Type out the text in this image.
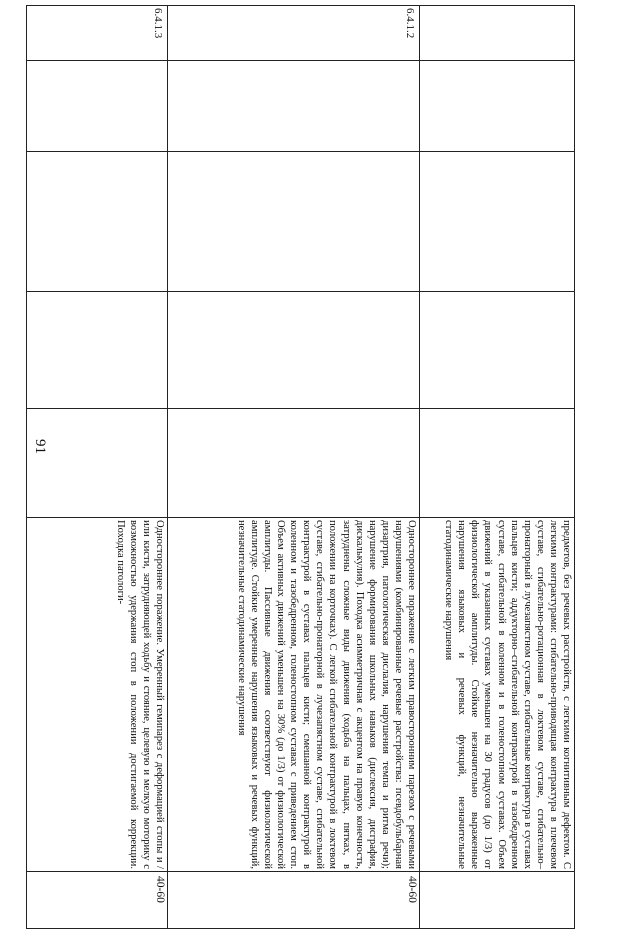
91
					предметов, без речевых расстройств, с легкими когнитивным дефектом. С легкими контрактурами: сгибательно-приводящая контрактура в плечевом суставе, сгибательно-ротационная в локтевом суставе, сгибательно–пронаторный в лучезапястном суставе, сгибательные контрактура в суставах пальцев кисти; аддукторно–сгибательной контрактурой в тазобедренном суставе, сгибательной в коленном и в голеностопном суставах. Объем движений в указанных суставах уменьшен на 30 градусов (до 1/3) от физиологической амплитуды. Стойкие незначительно выраженные нарушения языковых и речевых функций, незначительные статодинамические нарушения	
6.4.1.2					Одностороннее поражение с легким правосторонним парезом с речевыми нарушениями (комбинированные речевые расстройства: псевдобульбарная дизартрия, патологическая дислалия, нарушения темпа и ритма речи); нарушение формирования школьных навыков (дислексия, дисграфия, дискалькулия). Походка асимметричная с акцентом на правую конечность, затруднены сложные виды движения (ходьба на пальцах, пятках, в положении на корточках). С легкой сгибательной контрактурой в локтевом суставе, сгибательно-пронаторной в лучезапястном суставе, сгибательной контрактурой в суставах пальцев кисти; смешанной контрактурой в коленном и тазобедренном, голеностопном суставах с приведением стоп. Объем активных движений уменьшен на 30% (до 1/3) от физиологической амплитуды. Пассивные движения соответствуют физиологической амплитуде. Стойкие умеренные нарушения языковых и речевых функций, незначительные статодинамические нарушения	40-60
6.4.1.3					Одностороннее поражение. Умеренный гемипарез с деформацией стопы и /или кисти, затрудняющей ходьбу и стояние, целевую и мелкую моторику с возможностью удержания стоп в положении достигаемой коррекции. Походка патологи-	40-60
